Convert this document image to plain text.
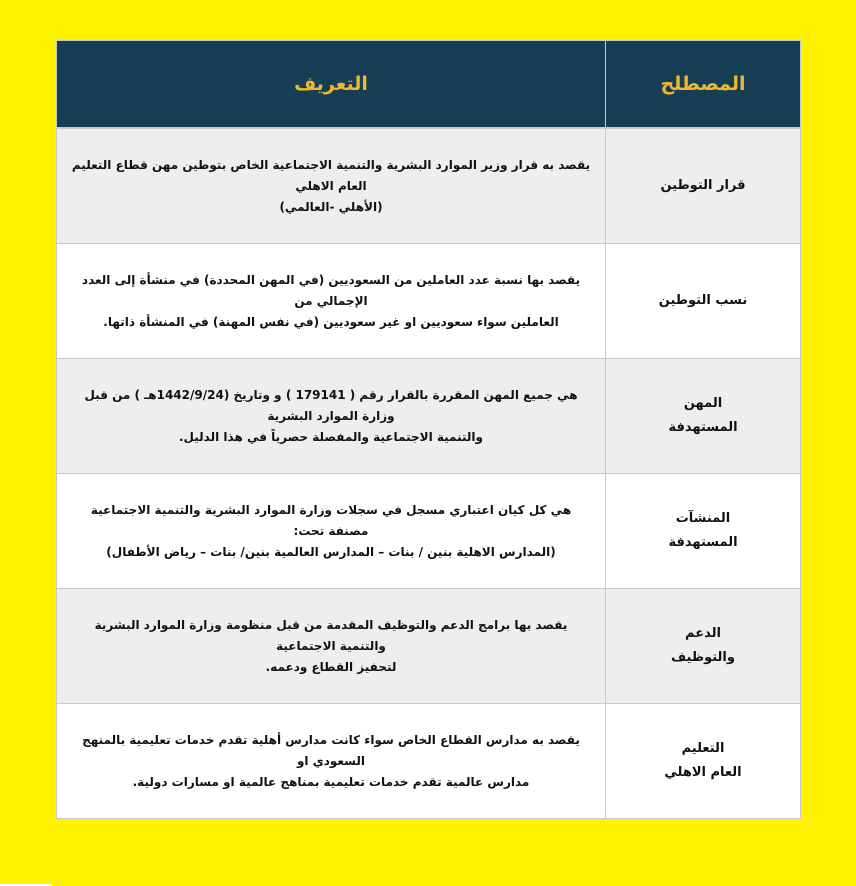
المصطلح
التعريف
قرار التوطين
يقصد به قرار وزير الموارد البشرية والتنمية الاجتماعية الخاص بتوطين مهن قطاع التعليم العام الاهلي
(الأهلي -العالمي)
نسب التوطين
يقصد بها نسبة عدد العاملين من السعوديين (في المهن المحددة) في منشأة إلى العدد الإجمالي من
العاملين سواء سعوديين او غير سعوديين (في نفس المهنة) في المنشأة ذاتها.
المهن
المستهدفة
هي جميع المهن المقررة بالقرار رقم ( 179141 ) و وتاريخ (1442/9/24هـ ) من قبل وزارة الموارد البشرية
والتنمية الاجتماعية والمفصلة حصرياً في هذا الدليل.
المنشآت
المستهدفة
هي كل كيان اعتباري مسجل في سجلات وزارة الموارد البشرية والتنمية الاجتماعية مصنفة تحت:
(المدارس الاهلية بنين / بنات – المدارس العالمية بنين/ بنات – رياض الأطفال)
الدعم
والتوظيف
يقصد بها برامج الدعم والتوظيف المقدمة من قبل منظومة وزارة الموارد البشرية والتنمية الاجتماعية
لتحفيز القطاع ودعمه.
التعليم
العام الاهلي
يقصد به مدارس القطاع الخاص سواء كانت مدارس أهلية تقدم خدمات تعليمية بالمنهج السعودي او
مدارس عالمية تقدم خدمات تعليمية بمناهج عالمية او مسارات دولية.
